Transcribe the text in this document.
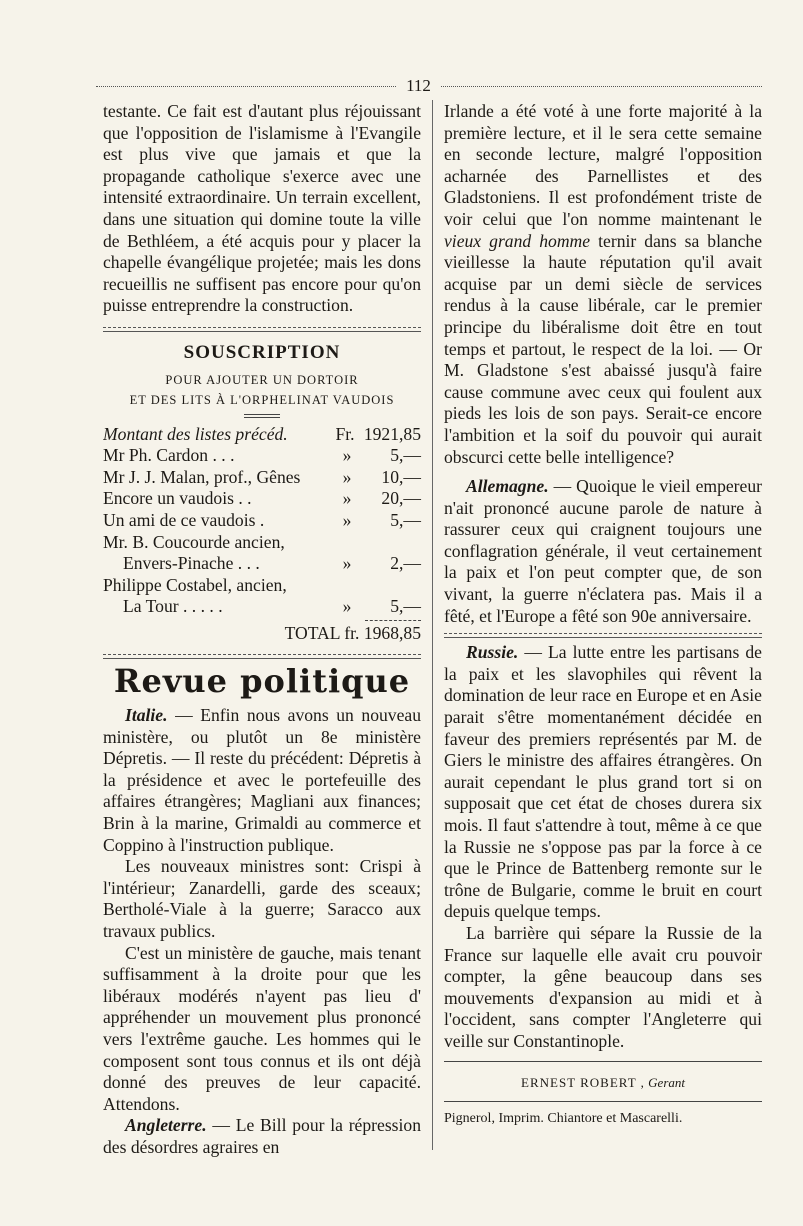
112

testante. Ce fait est d'autant plus réjouissant que l'opposition de l'islamisme à l'Evangile est plus vive que jamais et que la propagande catholique s'exerce avec une intensité extraordinaire. Un terrain excellent, dans une situation qui domine toute la ville de Bethléem, a été acquis pour y placer la chapelle évangélique projetée; mais les dons recueillis ne suffisent pas encore pour qu'on puisse entreprendre la construction.

SOUSCRIPTION
POUR AJOUTER UN DORTOIR
ET DES LITS À L'ORPHELINAT VAUDOIS
Montant des listes précéd.	Fr. 1921,85
Mr Ph. Cardon . . .	»	5,—
Mr J. J. Malan, prof., Gênes	»	10,—
Encore un vaudois . .	»	20,—
Un ami de ce vaudois .	»	5,—
Mr. B. Coucourde ancien,
Envers-Pinache . . .	»	2,—
Philippe Costabel, ancien,
La Tour . . . . .	»	5,—
TOTAL fr. 1968,85
Revue politique

Italie. — Enfin nous avons un nouveau ministère, ou plutôt un 8e ministère Dépretis. — Il reste du précédent: Dépretis à la présidence et avec le portefeuille des affaires étrangères; Magliani aux finances; Brin à la marine, Grimaldi au commerce et Coppino à l'instruction publique.

Les nouveaux ministres sont: Crispi à l'intérieur; Zanardelli, garde des sceaux; Bertholé-Viale à la guerre; Saracco aux travaux publics.

C'est un ministère de gauche, mais tenant suffisamment à la droite pour que les libéraux modérés n'ayent pas lieu d' appréhender un mouvement plus prononcé vers l'extrême gauche. Les hommes qui le composent sont tous connus et ils ont déjà donné des preuves de leur capacité. Attendons.

Angleterre. — Le Bill pour la répression des désordres agraires en

Irlande a été voté à une forte majorité à la première lecture, et il le sera cette semaine en seconde lecture, malgré l'opposition acharnée des Parnellistes et des Gladstoniens. Il est profondément triste de voir celui que l'on nomme maintenant le vieux grand homme ternir dans sa blanche vieillesse la haute réputation qu'il avait acquise par un demi siècle de services rendus à la cause libérale, car le premier principe du libéralisme doit être en tout temps et partout, le respect de la loi. — Or M. Gladstone s'est abaissé jusqu'à faire cause commune avec ceux qui foulent aux pieds les lois de son pays. Serait-ce encore l'ambition et la soif du pouvoir qui aurait obscurci cette belle intelligence?

Allemagne. — Quoique le vieil empereur n'ait prononcé aucune parole de nature à rassurer ceux qui craignent toujours une conflagration générale, il veut certainement la paix et l'on peut compter que, de son vivant, la guerre n'éclatera pas. Mais il a fêté, et l'Europe a fêté son 90e anniversaire.

Russie. — La lutte entre les partisans de la paix et les slavophiles qui rêvent la domination de leur race en Europe et en Asie parait s'être momentanément décidée en faveur des premiers représentés par M. de Giers le ministre des affaires étrangères. On aurait cependant le plus grand tort si on supposait que cet état de choses durera six mois. Il faut s'attendre à tout, même à ce que la Russie ne s'oppose pas par la force à ce que le Prince de Battenberg remonte sur le trône de Bulgarie, comme le bruit en court depuis quelque temps.

La barrière qui sépare la Russie de la France sur laquelle elle avait cru pouvoir compter, la gêne beaucoup dans ses mouvements d'expansion au midi et à l'occident, sans compter l'Angleterre qui veille sur Constantinople.

ERNEST ROBERT , Gerant
Pignerol, Imprim. Chiantore et Mascarelli.
